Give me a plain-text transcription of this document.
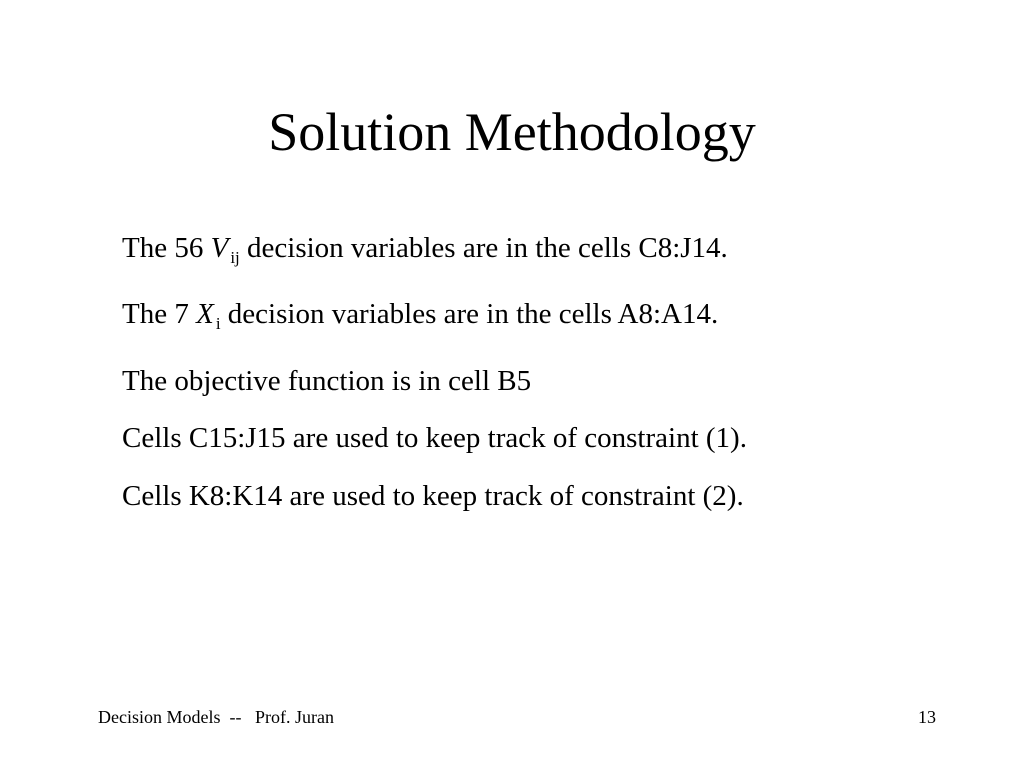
Solution Methodology

The 56 V $_{ij}$ decision variables are in the cells C8:J14.

The 7 X $_i$ decision variables are in the cells A8:A14.

The objective function is in cell B5

Cells C15:J15 are used to keep track of constraint (1).

Cells K8:K14 are used to keep track of constraint (2).

Decision Models  --   Prof. Juran	13
